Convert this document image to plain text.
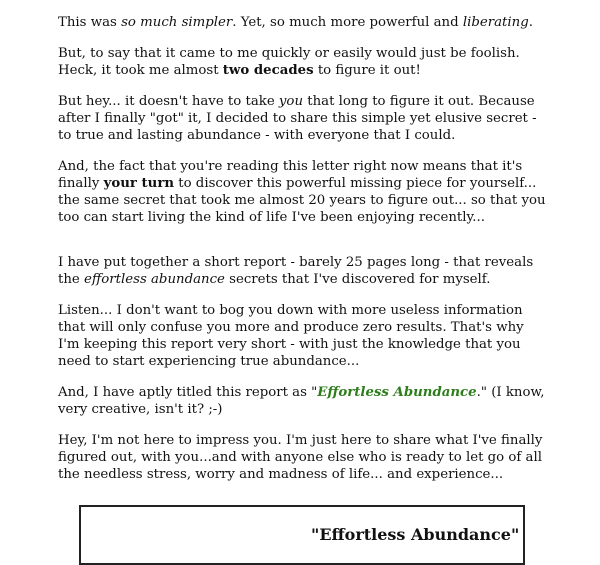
This was so much simpler. Yet, so much more powerful and liberating.

But, to say that it came to me quickly or easily would just be foolish. Heck, it took me almost two decades to figure it out!

But hey... it doesn't have to take you that long to figure it out. Because after I finally "got" it, I decided to share this simple yet elusive secret - to true and lasting abundance - with everyone that I could.

And, the fact that you're reading this letter right now means that it's finally your turn to discover this powerful missing piece for yourself... the same secret that took me almost 20 years to figure out... so that you too can start living the kind of life I've been enjoying recently...

I have put together a short report - barely 25 pages long - that reveals the effortless abundance secrets that I've discovered for myself.

Listen... I don't want to bog you down with more useless information that will only confuse you more and produce zero results. That's why I'm keeping this report very short - with just the knowledge that you need to start experiencing true abundance...

And, I have aptly titled this report as "Effortless Abundance." (I know, very creative, isn't it? ;-)

Hey, I'm not here to impress you. I'm just here to share what I've finally figured out, with you...and with anyone else who is ready to let go of all the needless stress, worry and madness of life... and experience...

"Effortless Abundance"
